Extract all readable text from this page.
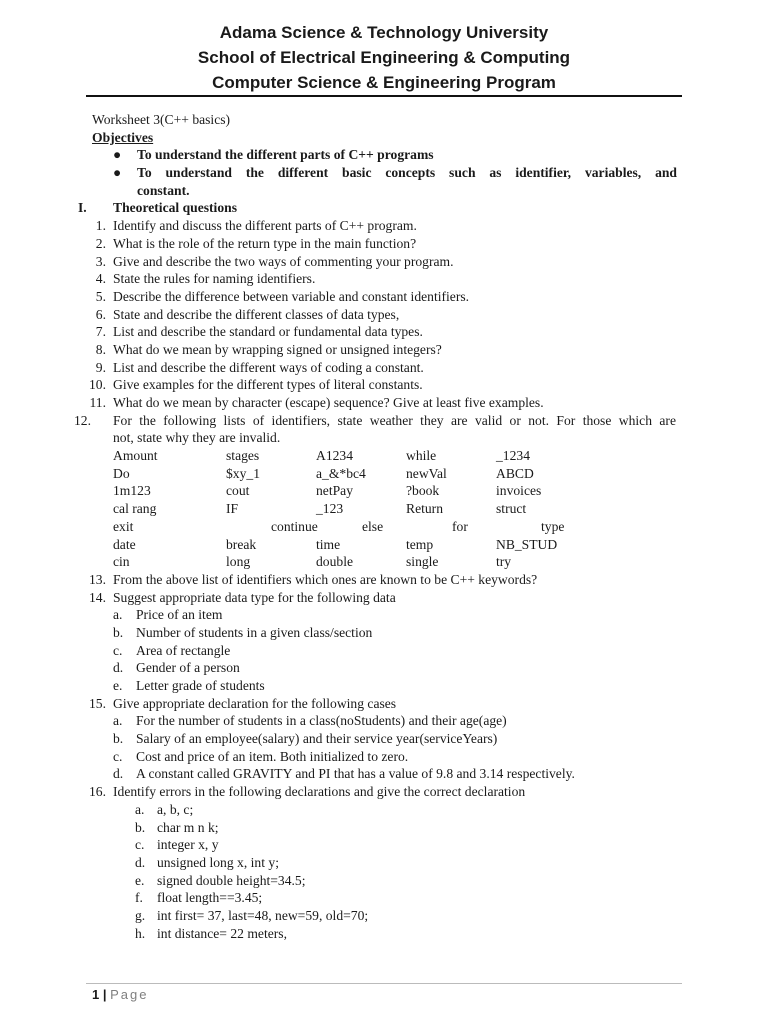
Adama Science & Technology University
School of Electrical Engineering & Computing
Computer Science & Engineering Program
Worksheet 3(C++ basics)
Objectives
● To understand the different parts of C++ programs
● To understand the different basic concepts such as identifier, variables, and
constant.
I. Theoretical questions
1. Identify and discuss the different parts of C++ program.
2. What is the role of the return type in the main function?
3. Give and describe the two ways of commenting your program.
4. State the rules for naming identifiers.
5. Describe the difference between variable and constant identifiers.
6. State and describe the different classes of data types,
7. List and describe the standard or fundamental data types.
8. What do we mean by wrapping signed or unsigned integers?
9. List and describe the different ways of coding a constant.
10. Give examples for the different types of literal constants.
11. What do we mean by character (escape) sequence? Give at least five examples.
12.	For the following lists of identifiers, state weather they are valid or not. For those which are
not, state why they are invalid.
Amount	stages	A1234	while	_1234
Do	$xy_1	a_&*bc4	newVal	ABCD
1m123	cout	netPay	?book	invoices
cal rang	IF	_123	Return	struct
exit	continue	else	for	type
date	break	time	temp	NB_STUD
cin	long	double	single	try
13. From the above list of identifiers which ones are known to be C++ keywords?
14. Suggest appropriate data type for the following data
a. Price of an item
b. Number of students in a given class/section
c. Area of rectangle
d. Gender of a person
e. Letter grade of students
15. Give appropriate declaration for the following cases
a. For the number of students in a class(noStudents) and their age(age)
b. Salary of an employee(salary) and their service year(serviceYears)
c. Cost and price of an item. Both initialized to zero.
d. A constant called GRAVITY and PI that has a value of 9.8 and 3.14 respectively.
16. Identify errors in the following declarations and give the correct declaration
a. a, b, c;
b. char m n k;
c. integer x, y
d. unsigned long x, int y;
e. signed double height=34.5;
f. float length==3.45;
g. int first= 37, last=48, new=59, old=70;
h. int distance= 22 meters,
1 | Page
